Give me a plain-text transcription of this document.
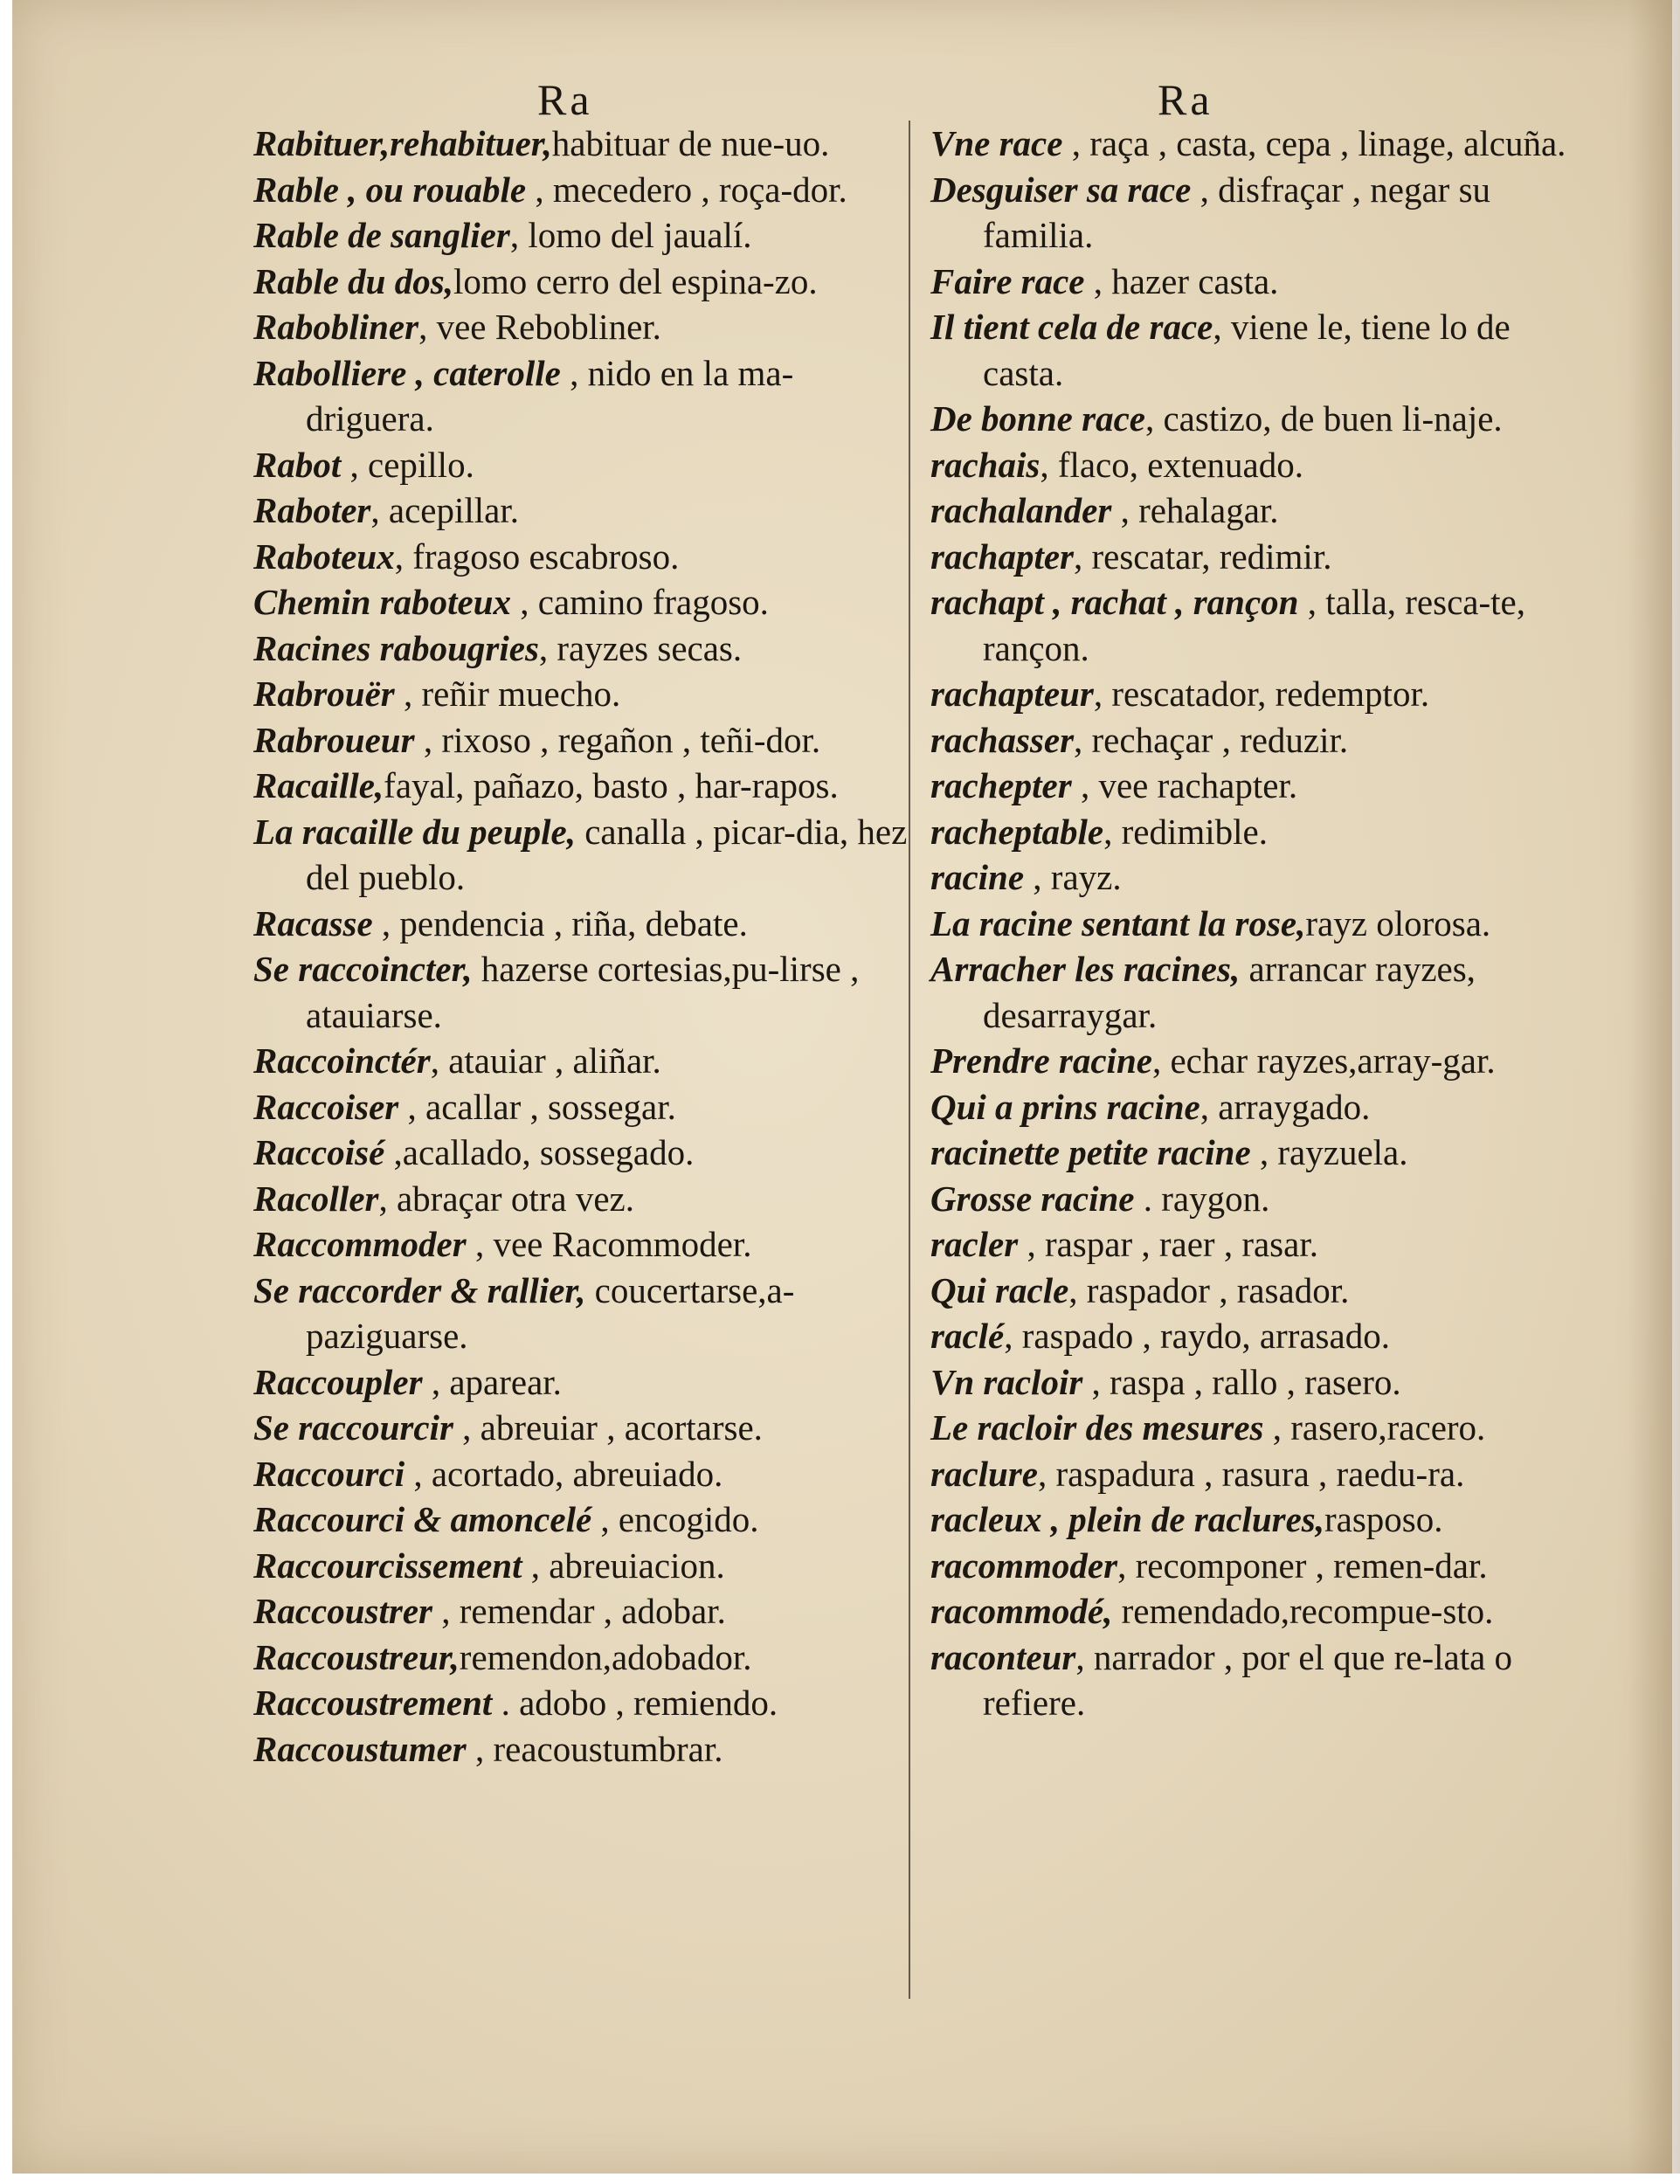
Ra	Ra
Rabituer,rehabituer,habituar de nue-uo.
Rable , ou rouable , mecedero , roça-dor.
Rable de sanglier, lomo del jaualí.
Rable du dos,lomo cerro del espina-zo.
Rabobliner, vee Rebobliner.
Rabolliere , caterolle , nido en la ma-driguera.
Rabot , cepillo.
Raboter, acepillar.
Raboteux, fragoso escabroso.
Chemin raboteux , camino fragoso.
Racines rabougries, rayzes secas.
Rabrouër , reñir muecho.
Rabroueur , rixoso , regañon , teñi-dor.
Racaille,fayal, pañazo, basto , har-rapos.
La racaille du peuple, canalla , picar-dia, hez del pueblo.
Racasse , pendencia , riña, debate.
Se raccoincter, hazerse cortesias,pu-lirse , atauiarse.
Raccoinctér, atauiar , aliñar.
Raccoiser , acallar , sossegar.
Raccoisé ,acallado, sossegado.
Racoller, abraçar otra vez.
Raccommoder , vee Racommoder.
Se raccorder & rallier, coucertarse,a-paziguarse.
Raccoupler , aparear.
Se raccourcir , abreuiar , acortarse.
Raccourci , acortado, abreuiado.
Raccourci & amoncelé , encogido.
Raccourcissement , abreuiacion.
Raccoustrer , remendar , adobar.
Raccoustreur,remendon,adobador.
Raccoustrement . adobo , remiendo.
Raccoustumer , reacoustumbrar.
Vne race , raça , casta, cepa , linage, alcuña.
Desguiser sa race , disfraçar , negar su familia.
Faire race , hazer casta.
Il tient cela de race, viene le, tiene lo de casta.
De bonne race, castizo, de buen li-naje.
rachais, flaco, extenuado.
rachalander , rehalagar.
rachapter, rescatar, redimir.
rachapt , rachat , rançon , talla, resca-te, rançon.
rachapteur, rescatador, redemptor.
rachasser, rechaçar , reduzir.
rachepter , vee rachapter.
racheptable, redimible.
racine , rayz.
La racine sentant la rose,rayz olorosa.
Arracher les racines, arrancar rayzes, desarraygar.
Prendre racine, echar rayzes,array-gar.
Qui a prins racine, arraygado.
racinette petite racine , rayzuela.
Grosse racine . raygon.
racler , raspar , raer , rasar.
Qui racle, raspador , rasador.
raclé, raspado , raydo, arrasado.
Vn racloir , raspa , rallo , rasero.
Le racloir des mesures , rasero,racero.
raclure, raspadura , rasura , raedu-ra.
racleux , plein de raclures,rasposo.
racommoder, recomponer , remen-dar.
racommodé, remendado,recompue-sto.
raconteur, narrador , por el que re-lata o refiere.
